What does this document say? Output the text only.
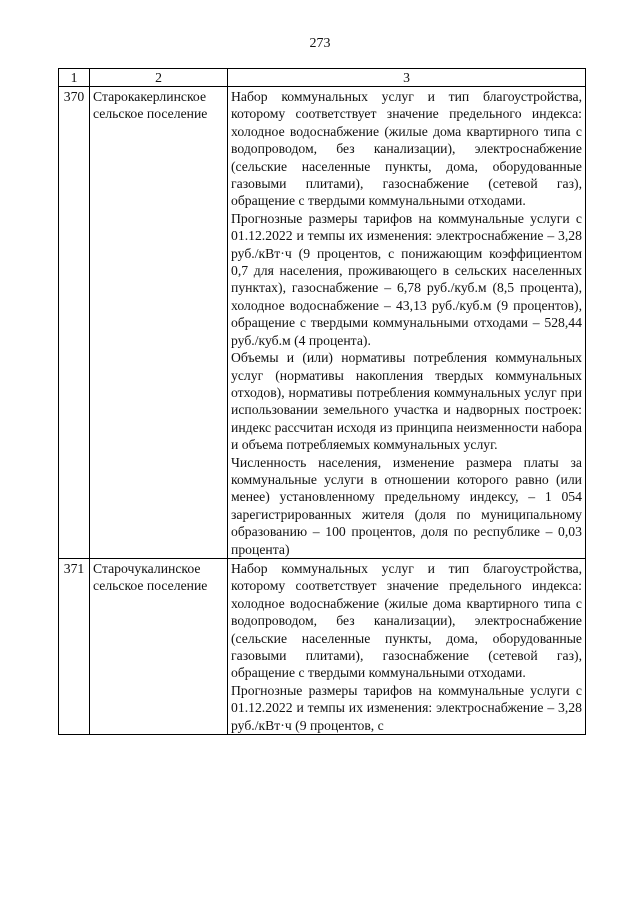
273
1	2	3
370	Старокакерлинское сельское поселение	Набор коммунальных услуг и тип благоустройства, которому соответствует значение предельного индекса: холодное водоснабжение (жилые дома квартирного типа с водопроводом, без канализации), электроснабжение (сельские населенные пункты, дома, оборудованные газовыми плитами), газоснабжение (сетевой газ), обращение с твердыми коммунальными отходами.

Прогнозные размеры тарифов на коммунальные услуги с 01.12.2022 и темпы их изменения: электроснабжение – 3,28 руб./кВт·ч (9 процентов, с понижающим коэффициентом 0,7 для населения, проживающего в сельских населенных пунктах), газоснабжение – 6,78 руб./куб.м (8,5 процента), холодное водоснабжение – 43,13 руб./куб.м (9 процентов), обращение с твердыми коммунальными отходами – 528,44 руб./куб.м (4 процента).

Объемы и (или) нормативы потребления коммунальных услуг (нормативы накопления твердых коммунальных отходов), нормативы потребления коммунальных услуг при использовании земельного участка и надворных построек: индекс рассчитан исходя из принципа неизменности набора и объема потребляемых коммунальных услуг.

Численность населения, изменение размера платы за коммунальные услуги в отношении которого равно (или менее) установленному предельному индексу, – 1 054 зарегистрированных жителя (доля по муниципальному образованию – 100 процентов, доля по республике – 0,03 процента)

371	Старочукалинское сельское поселение	Набор коммунальных услуг и тип благоустройства, которому соответствует значение предельного индекса: холодное водоснабжение (жилые дома квартирного типа с водопроводом, без канализации), электроснабжение (сельские населенные пункты, дома, оборудованные газовыми плитами), газоснабжение (сетевой газ), обращение с твердыми коммунальными отходами.

Прогнозные размеры тарифов на коммунальные услуги с 01.12.2022 и темпы их изменения: электроснабжение – 3,28 руб./кВт·ч (9 процентов, с
